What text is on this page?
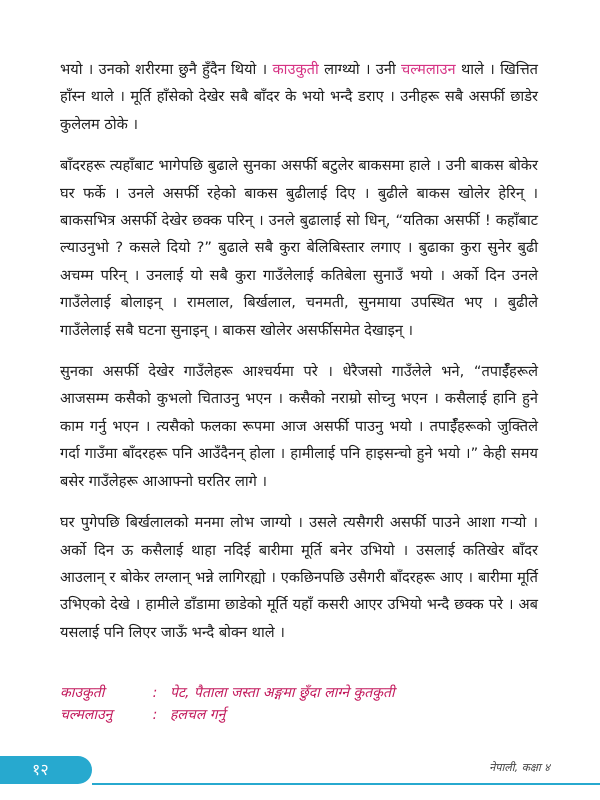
भयो । उनको शरीरमा छुनै हुँदैन थियो । काउकुती लाग्थ्यो । उनी चल्मलाउन थाले । खित्तित हाँस्न थाले । मूर्ति हाँसेको देखेर सबै बाँदर के भयो भन्दै डराए । उनीहरू सबै असर्फी छाडेर कुलेलम ठोके ।

बाँदरहरू त्यहाँबाट भागेपछि बुढाले सुनका असर्फी बटुलेर बाकसमा हाले । उनी बाकस बोकेर घर फर्के । उनले असर्फी रहेको बाकस बुढीलाई दिए । बुढीले बाकस खोलेर हेरिन् । बाकसभित्र असर्फी देखेर छक्क परिन् । उनले बुढालाई सो धिन्, “यतिका असर्फी ! कहाँबाट ल्याउनुभो ? कसले दियो ?” बुढाले सबै कुरा बेलिबिस्तार लगाए । बुढाका कुरा सुनेर बुढी अचम्म परिन् । उनलाई यो सबै कुरा गाउँलेलाई कतिबेला सुनाउँ भयो । अर्को दिन उनले गाउँलेलाई बोलाइन् । रामलाल, बिर्खलाल, चनमती, सुनमाया उपस्थित भए । बुढीले गाउँलेलाई सबै घटना सुनाइन् । बाकस खोलेर असर्फीसमेत देखाइन् ।

सुनका असर्फी देखेर गाउँलेहरू आश्चर्यमा परे । धेरैजसो गाउँलेले भने, “तपाईँहरूले आजसम्म कसैको कुभलो चिताउनु भएन । कसैको नराम्रो सोच्नु भएन । कसैलाई हानि हुने काम गर्नु भएन । त्यसैको फलका रूपमा आज असर्फी पाउनु भयो । तपाईँहरूको जुक्तिले गर्दा गाउँमा बाँदरहरू पनि आउँदैनन् होला । हामीलाई पनि हाइसन्चो हुने भयो ।” केही समय बसेर गाउँलेहरू आआफ्नो घरतिर लागे ।

घर पुगेपछि बिर्खलालको मनमा लोभ जाग्यो । उसले त्यसैगरी असर्फी पाउने आशा गऱ्यो । अर्को दिन ऊ कसैलाई थाहा नदिई बारीमा मूर्ति बनेर उभियो । उसलाई कतिखेर बाँदर आउलान् र बोकेर लग्लान् भन्ने लागिरह्यो । एकछिनपछि उसैगरी बाँदरहरू आए । बारीमा मूर्ति उभिएको देखे । हामीले डाँडामा छाडेको मूर्ति यहाँ कसरी आएर उभियो भन्दै छक्क परे । अब यसलाई पनि लिएर जाऊँ भन्दै बोक्न थाले ।

काउकुती	: पेट, पैताला जस्ता अङ्गमा छुँदा लाग्ने कुतकुती
चल्मलाउनु	: हलचल गर्नु
१२	नेपाली, कक्षा ४
